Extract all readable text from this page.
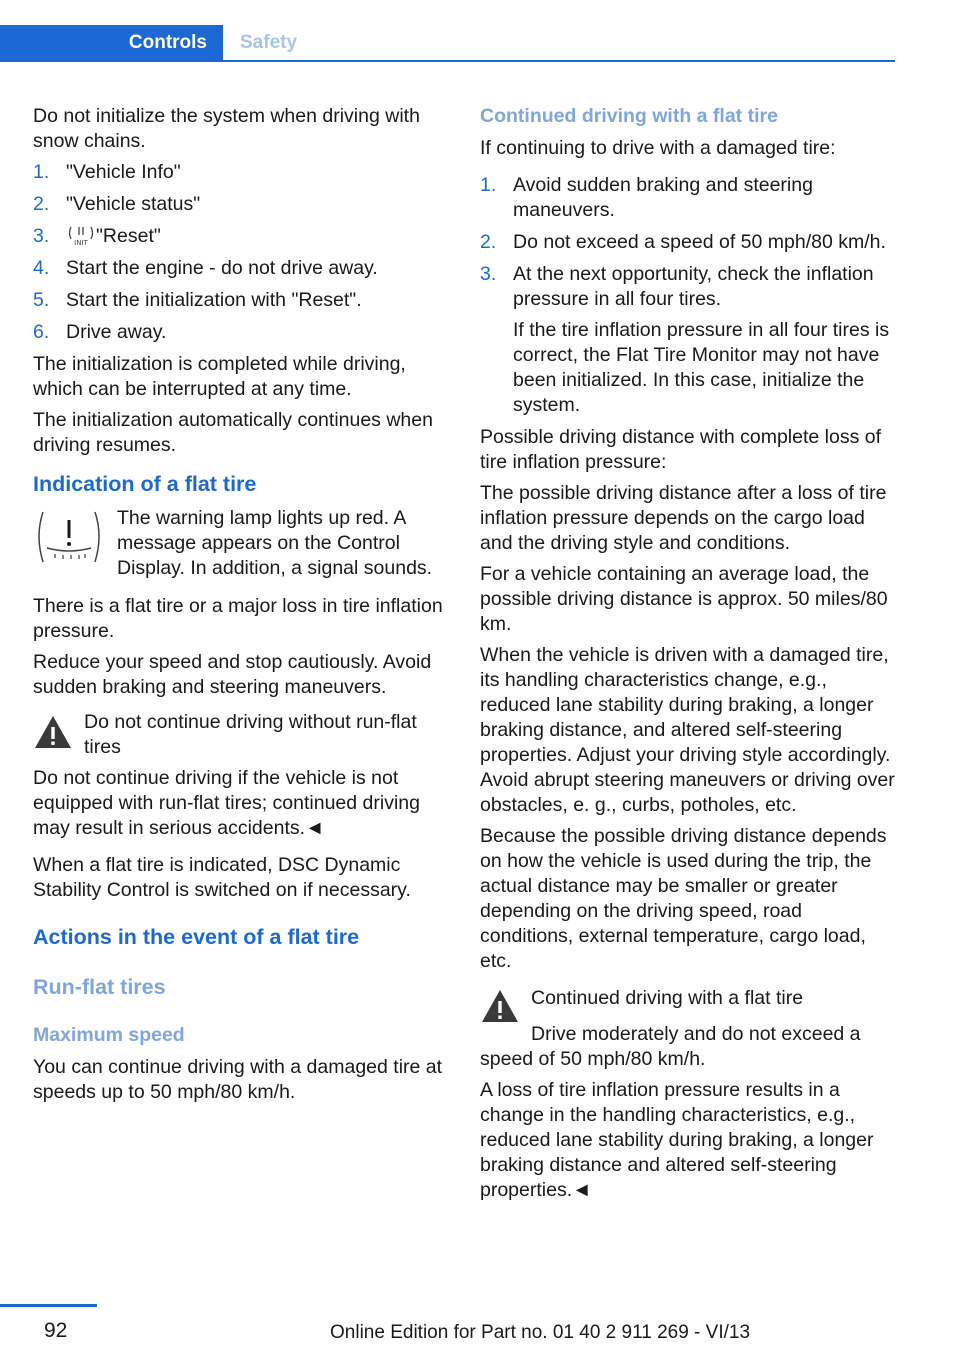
Controls	Safety

Do not initialize the system when driving with snow chains.

1. "Vehicle Info"
2. "Vehicle status"
3.	INIT "Reset"
4. Start the engine - do not drive away.
5. Start the initialization with "Reset".
6. Drive away.

The initialization is completed while driving, which can be interrupted at any time.

The initialization automatically continues when driving resumes.

Indication of a flat tire
The warning lamp lights up red. A message appears on the Control Display. In addition, a signal sounds.

There is a flat tire or a major loss in tire inflation pressure.

Reduce your speed and stop cautiously. Avoid sudden braking and steering maneuvers.

Do not continue driving without run-flat tires

Do not continue driving if the vehicle is not equipped with run-flat tires; continued driving may result in serious accidents.◄

When a flat tire is indicated, DSC Dynamic Stability Control is switched on if necessary.

Actions in the event of a flat tire
Run-flat tires
Maximum speed

You can continue driving with a damaged tire at speeds up to 50 mph/80 km/h.

Continued driving with a flat tire

If continuing to drive with a damaged tire:

1. Avoid sudden braking and steering maneuvers.
2. Do not exceed a speed of 50 mph/80 km/h.
3. At the next opportunity, check the inflation pressure in all four tires.

If the tire inflation pressure in all four tires is correct, the Flat Tire Monitor may not have been initialized. In this case, initialize the system.

Possible driving distance with complete loss of tire inflation pressure:

The possible driving distance after a loss of tire inflation pressure depends on the cargo load and the driving style and conditions.

For a vehicle containing an average load, the possible driving distance is approx. 50 miles/80 km.

When the vehicle is driven with a damaged tire, its handling characteristics change, e.g., reduced lane stability during braking, a longer braking distance, and altered self-steering properties. Adjust your driving style accordingly. Avoid abrupt steering maneuvers or driving over obstacles, e. g., curbs, potholes, etc.

Because the possible driving distance depends on how the vehicle is used during the trip, the actual distance may be smaller or greater depending on the driving speed, road conditions, external temperature, cargo load, etc.

Continued driving with a flat tire

Drive moderately and do not exceed a speed of 50 mph/80 km/h.

A loss of tire inflation pressure results in a change in the handling characteristics, e.g., reduced lane stability during braking, a longer braking distance and altered self-steering properties.◄

92	Online Edition for Part no. 01 40 2 911 269 - VI/13
